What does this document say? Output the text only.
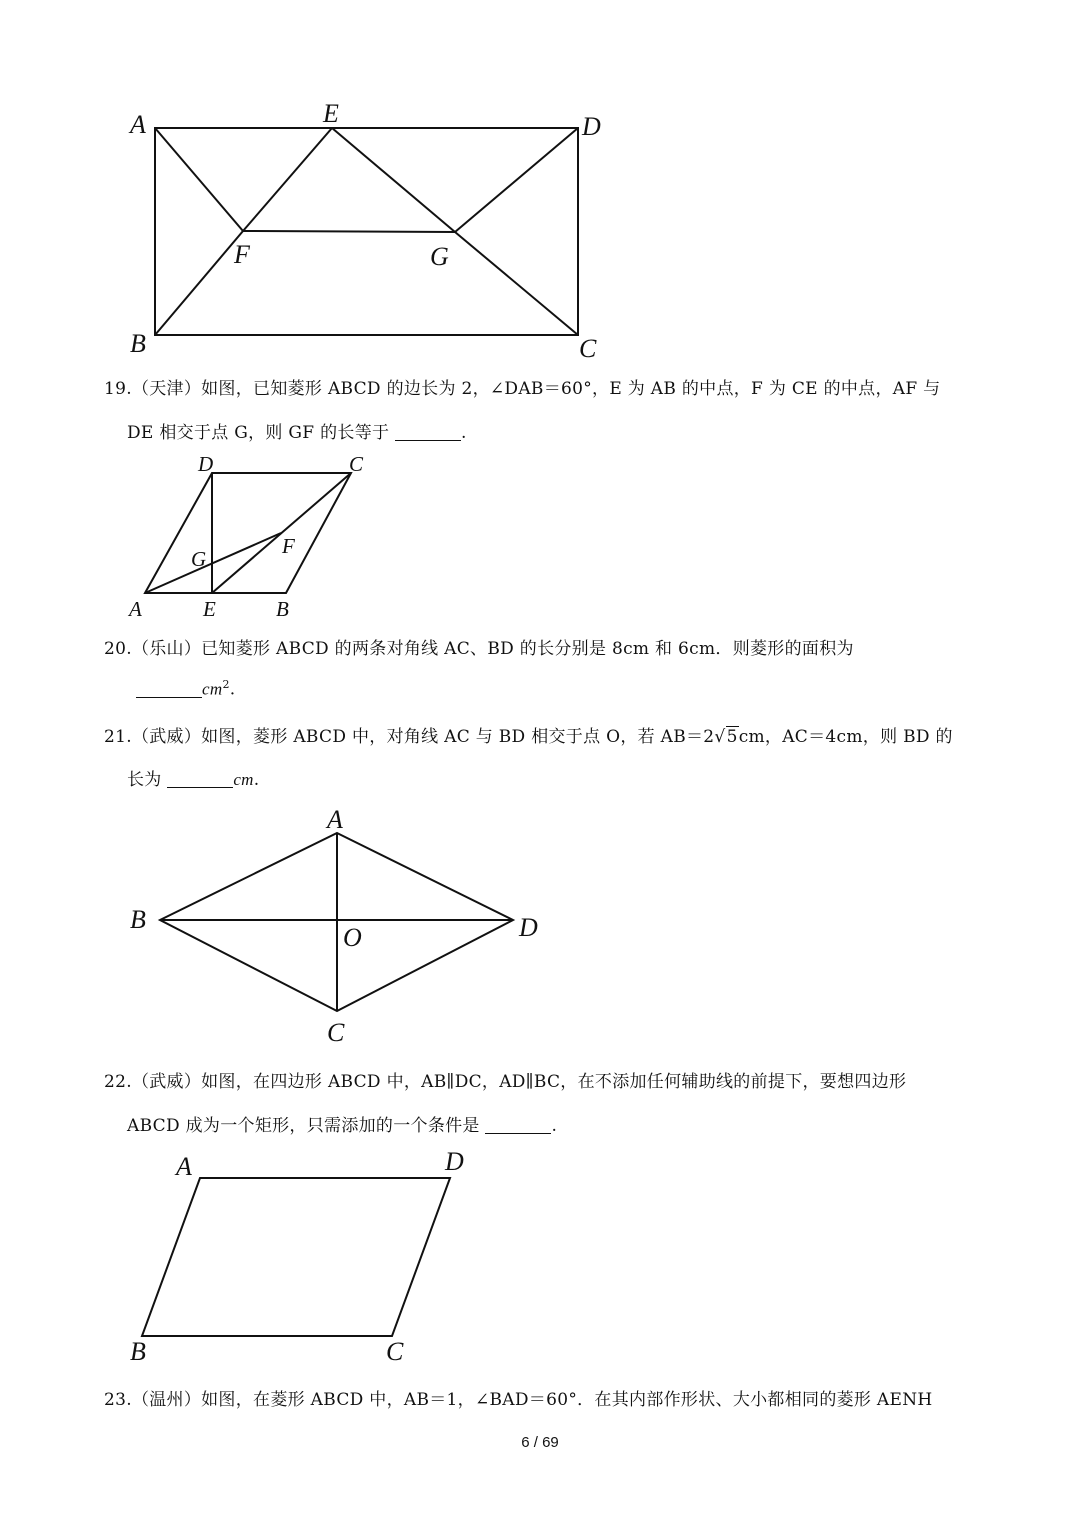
A	E	D
F	G
B	C
D	C
G
F
A	E	B
A
B
O	D
C
A	D
B	C
19.（天津）如图，已知菱形 ABCD 的边长为 2，∠DAB＝60°，E 为 AB 的中点，F 为 CE 的中点，AF 与
DE 相交于点 G，则 GF 的长等于	.
20.（乐山）已知菱形 ABCD 的两条对角线 AC、BD 的长分别是 8cm 和 6cm．则菱形的面积为
$cm^2$.
21.（武威）如图，菱形 ABCD 中，对角线 AC 与 BD 相交于点 O，若 AB＝2√5cm，AC＝4cm，则 BD 的
长为	cm.
22.（武威）如图，在四边形 ABCD 中，AB∥DC，AD∥BC，在不添加任何辅助线的前提下，要想四边形
ABCD 成为一个矩形，只需添加的一个条件是	.
23.（温州）如图，在菱形 ABCD 中，AB＝1，∠BAD＝60°．在其内部作形状、大小都相同的菱形 AENH
6 / 69
